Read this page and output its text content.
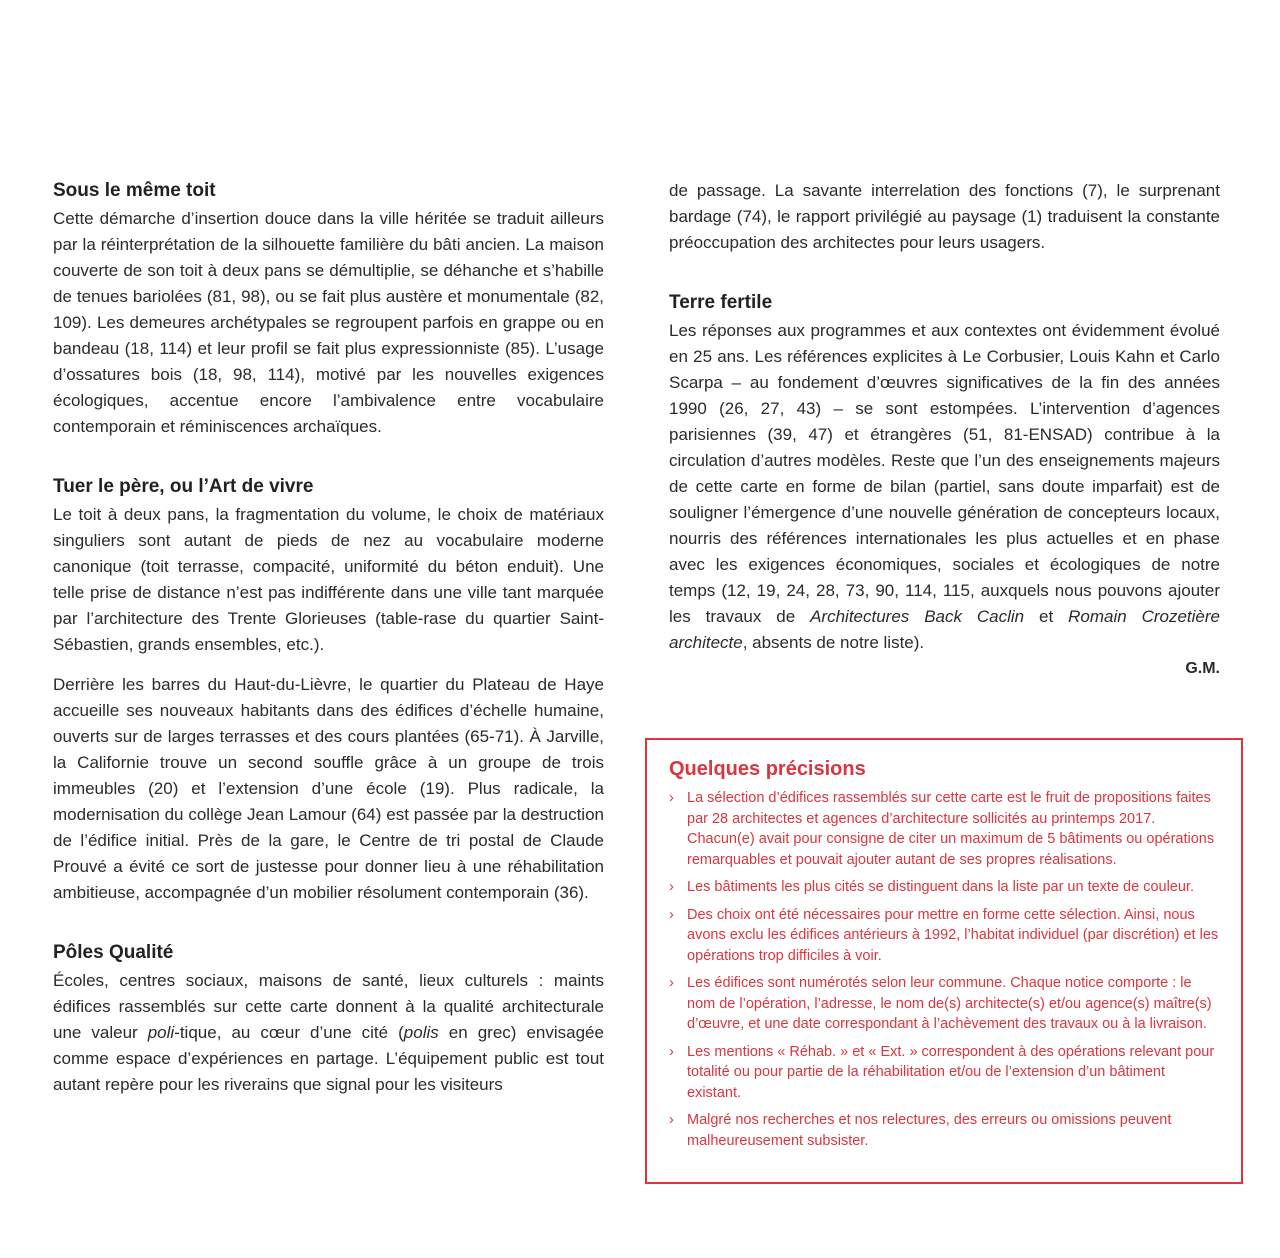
Sous le même toit

Cette démarche d’insertion douce dans la ville héritée se traduit ailleurs par la réinterprétation de la silhouette familière du bâti ancien. La maison couverte de son toit à deux pans se démultiplie, se déhanche et s’habille de tenues bariolées (81, 98), ou se fait plus austère et monumentale (82, 109). Les demeures archétypales se regroupent parfois en grappe ou en bandeau (18, 114) et leur profil se fait plus expressionniste (85). L’usage d’ossatures bois (18, 98, 114), motivé par les nouvelles exigences écologiques, accentue encore l’ambivalence entre vocabulaire contemporain et réminiscences archaïques.

Tuer le père, ou l’Art de vivre

Le toit à deux pans, la fragmentation du volume, le choix de matériaux singuliers sont autant de pieds de nez au vocabulaire moderne canonique (toit terrasse, compacité, uniformité du béton enduit). Une telle prise de distance n’est pas indifférente dans une ville tant marquée par l’architecture des Trente Glorieuses (table-rase du quartier Saint-Sébastien, grands ensembles, etc.).

Derrière les barres du Haut-du-Lièvre, le quartier du Plateau de Haye accueille ses nouveaux habitants dans des édifices d’échelle humaine, ouverts sur de larges terrasses et des cours plantées (65-71). À Jarville, la Californie trouve un second souffle grâce à un groupe de trois immeubles (20) et l’extension d’une école (19). Plus radicale, la modernisation du collège Jean Lamour (64) est passée par la destruction de l’édifice initial. Près de la gare, le Centre de tri postal de Claude Prouvé a évité ce sort de justesse pour donner lieu à une réhabilitation ambitieuse, accompagnée d’un mobilier résolument contemporain (36).

Pôles Qualité

Écoles, centres sociaux, maisons de santé, lieux culturels : maints édifices rassemblés sur cette carte donnent à la qualité architecturale une valeur poli-tique, au cœur d’une cité (polis en grec) envisagée comme espace d’expériences en partage. L’équipement public est tout autant repère pour les riverains que signal pour les visiteurs

de passage. La savante interrelation des fonctions (7), le surprenant bardage (74), le rapport privilégié au paysage (1) traduisent la constante préoccupation des architectes pour leurs usagers.

Terre fertile

Les réponses aux programmes et aux contextes ont évidemment évolué en 25 ans. Les références explicites à Le Corbusier, Louis Kahn et Carlo Scarpa – au fondement d’œuvres significatives de la fin des années 1990 (26, 27, 43) – se sont estompées. L’intervention d’agences parisiennes (39, 47) et étrangères (51, 81-ENSAD) contribue à la circulation d’autres modèles. Reste que l’un des enseignements majeurs de cette carte en forme de bilan (partiel, sans doute imparfait) est de souligner l’émergence d’une nouvelle génération de concepteurs locaux, nourris des références internationales les plus actuelles et en phase avec les exigences économiques, sociales et écologiques de notre temps (12, 19, 24, 28, 73, 90, 114, 115, auxquels nous pouvons ajouter les travaux de Architectures Back Caclin et Romain Crozetière architecte, absents de notre liste).

G.M.
Quelques précisions
› La sélection d’édifices rassemblés sur cette carte est le fruit de propositions faites par 28 architectes et agences d’architecture sollicités au printemps 2017. Chacun(e) avait pour consigne de citer un maximum de 5 bâtiments ou opérations remarquables et pouvait ajouter autant de ses propres réalisations.
› Les bâtiments les plus cités se distinguent dans la liste par un texte de couleur.
› Des choix ont été nécessaires pour mettre en forme cette sélection. Ainsi, nous avons exclu les édifices antérieurs à 1992, l’habitat individuel (par discrétion) et les opérations trop difficiles à voir.
› Les édifices sont numérotés selon leur commune. Chaque notice comporte : le nom de l’opération, l’adresse, le nom de(s) architecte(s) et/ou agence(s) maître(s) d’œuvre, et une date correspondant à l’achèvement des travaux ou à la livraison.
› Les mentions « Réhab. » et « Ext. » correspondent à des opérations relevant pour totalité ou pour partie de la réhabilitation et/ou de l’extension d’un bâtiment existant.
› Malgré nos recherches et nos relectures, des erreurs ou omissions peuvent malheureusement subsister.
